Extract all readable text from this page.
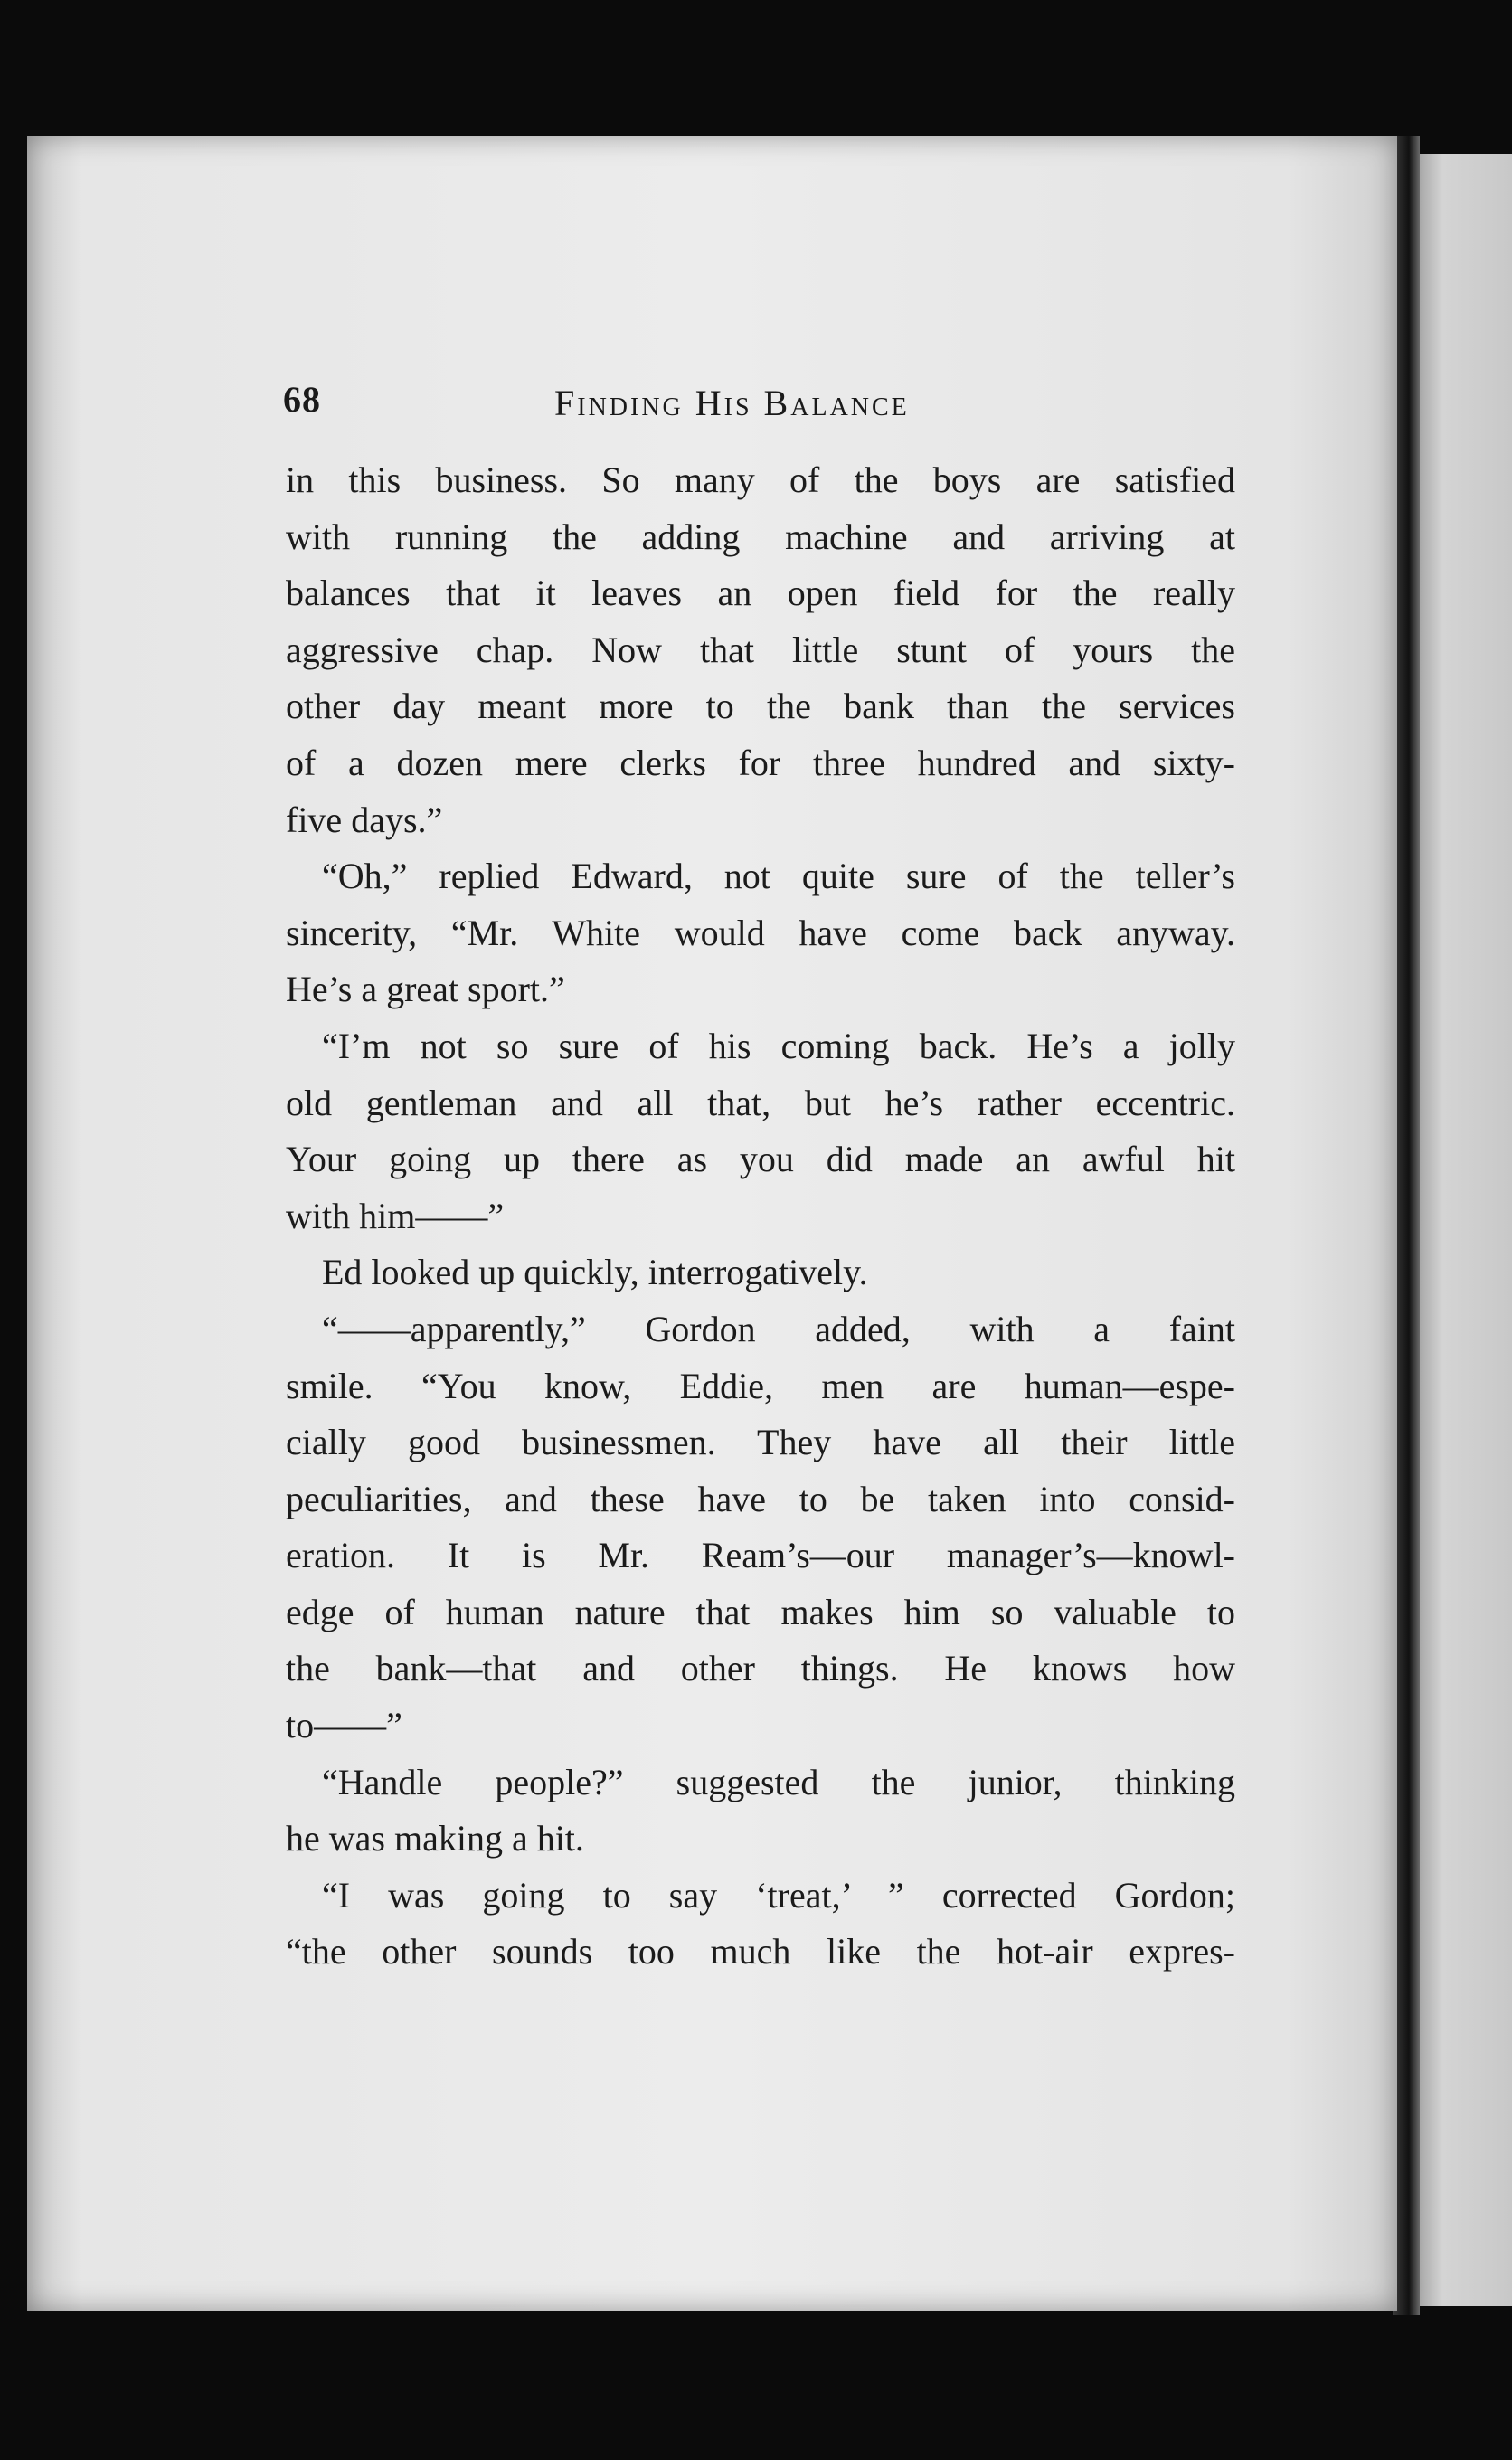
68	Finding His Balance
in this business. So many of the boys are satisfied
with running the adding machine and arriving at
balances that it leaves an open field for the really
aggressive chap. Now that little stunt of yours the
other day meant more to the bank than the services
of a dozen mere clerks for three hundred and sixty-
five days.”
“Oh,” replied Edward, not quite sure of the teller’s
sincerity, “Mr. White would have come back anyway.
He’s a great sport.”
“I’m not so sure of his coming back. He’s a jolly
old gentleman and all that, but he’s rather eccentric.
Your going up there as you did made an awful hit
with him——”
Ed looked up quickly, interrogatively.
“——apparently,” Gordon added, with a faint
smile. “You know, Eddie, men are human—espe-
cially good businessmen. They have all their little
peculiarities, and these have to be taken into consid-
eration. It is Mr. Ream’s—our manager’s—knowl-
edge of human nature that makes him so valuable to
the bank—that and other things. He knows how
to——”
“Handle people?” suggested the junior, thinking
he was making a hit.
“I was going to say ‘treat,’ ” corrected Gordon;
“the other sounds too much like the hot-air expres-
